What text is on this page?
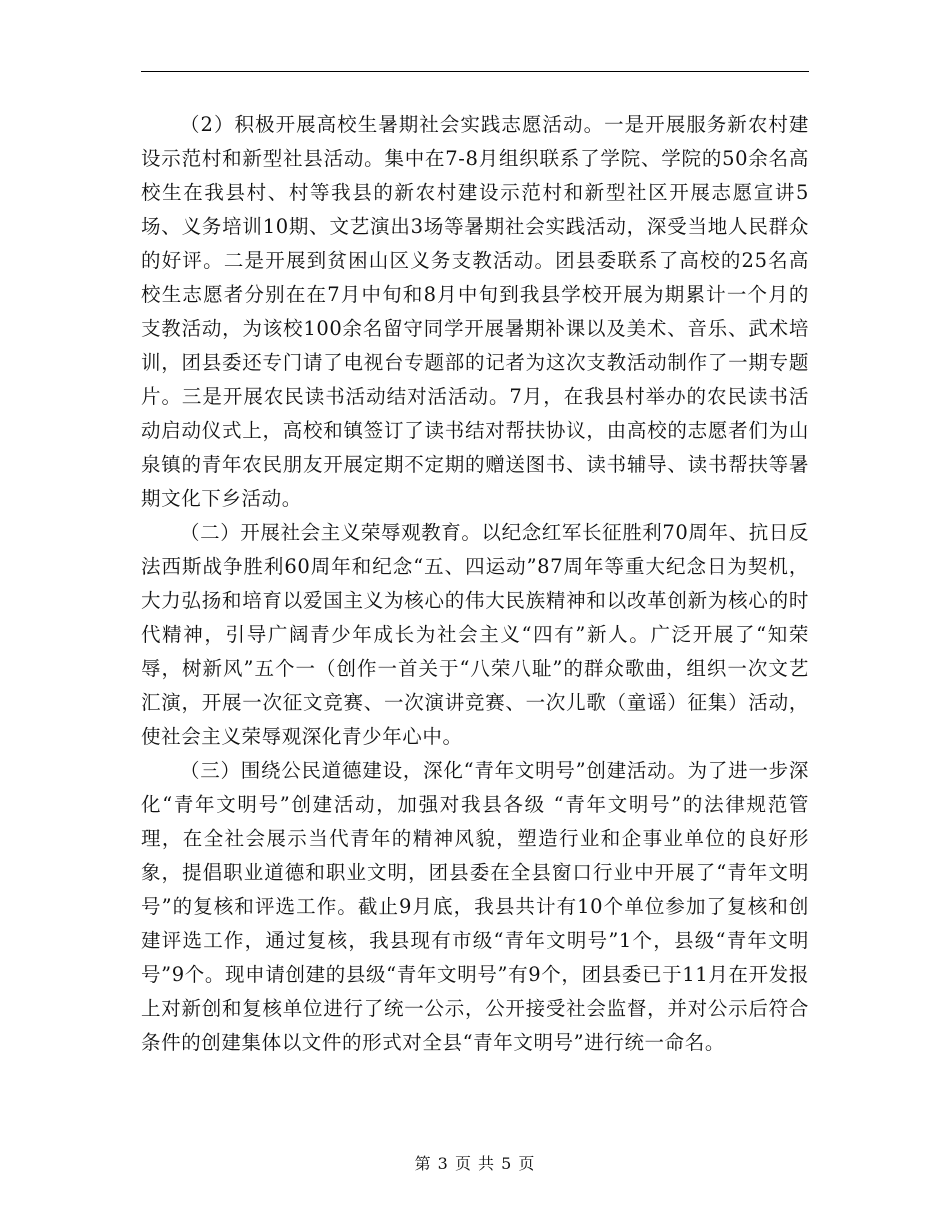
（2）积极开展高校生暑期社会实践志愿活动。一是开展服务新农村建设示范村和新型社县活动。集中在7-8月组织联系了学院、学院的50余名高校生在我县村、村等我县的新农村建设示范村和新型社区开展志愿宣讲5场、义务培训10期、文艺演出3场等暑期社会实践活动，深受当地人民群众的好评。二是开展到贫困山区义务支教活动。团县委联系了高校的25名高校生志愿者分别在在7月中旬和8月中旬到我县学校开展为期累计一个月的支教活动，为该校100余名留守同学开展暑期补课以及美术、音乐、武术培训，团县委还专门请了电视台专题部的记者为这次支教活动制作了一期专题片。三是开展农民读书活动结对活活动。7月，在我县村举办的农民读书活动启动仪式上，高校和镇签订了读书结对帮扶协议，由高校的志愿者们为山泉镇的青年农民朋友开展定期不定期的赠送图书、读书辅导、读书帮扶等暑期文化下乡活动。

（二）开展社会主义荣辱观教育。以纪念红军长征胜利70周年、抗日反法西斯战争胜利60周年和纪念“五、四运动”87周年等重大纪念日为契机，大力弘扬和培育以爱国主义为核心的伟大民族精神和以改革创新为核心的时代精神，引导广阔青少年成长为社会主义“四有”新人。广泛开展了“知荣辱，树新风”五个一（创作一首关于“八荣八耻”的群众歌曲，组织一次文艺汇演，开展一次征文竞赛、一次演讲竞赛、一次儿歌（童谣）征集）活动，使社会主义荣辱观深化青少年心中。

（三）围绕公民道德建设，深化“青年文明号”创建活动。为了进一步深化“青年文明号”创建活动，加强对我县各级 “青年文明号”的法律规范管理，在全社会展示当代青年的精神风貌，塑造行业和企事业单位的良好形象，提倡职业道德和职业文明，团县委在全县窗口行业中开展了“青年文明号”的复核和评选工作。截止9月底，我县共计有10个单位参加了复核和创建评选工作，通过复核，我县现有市级“青年文明号”1个，县级“青年文明号”9个。现申请创建的县级“青年文明号”有9个，团县委已于11月在开发报上对新创和复核单位进行了统一公示，公开接受社会监督，并对公示后符合条件的创建集体以文件的形式对全县“青年文明号”进行统一命名。

第 3 页 共 5 页
